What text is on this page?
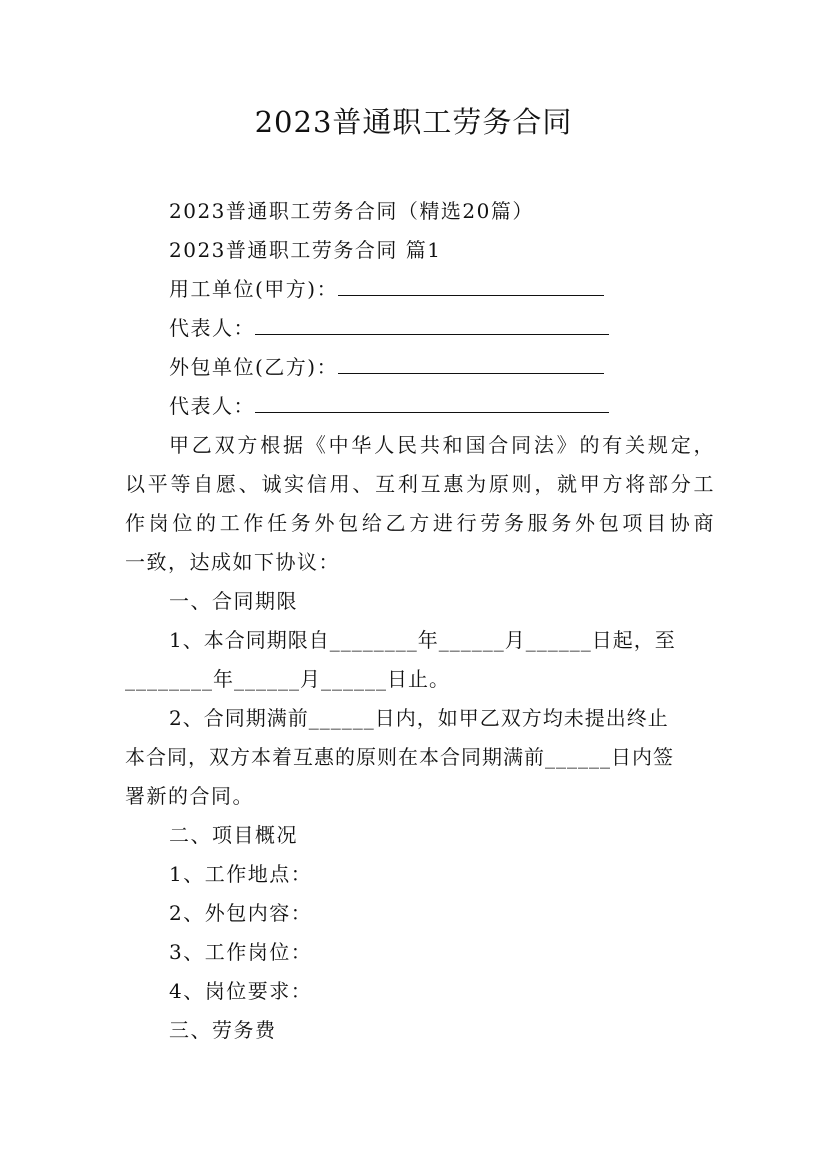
2023普通职工劳务合同
2023普通职工劳务合同（精选20篇）
2023普通职工劳务合同 篇1
用工单位(甲方)：
代表人：
外包单位(乙方)：
代表人：
甲乙双方根据《中华人民共和国合同法》的有关规定，
以平等自愿、诚实信用、互利互惠为原则，就甲方将部分工
作岗位的工作任务外包给乙方进行劳务服务外包项目协商
一致，达成如下协议：
一、合同期限
1、本合同期限自________年______月______日起，至
________年______月______日止。
2、合同期满前______日内，如甲乙双方均未提出终止
本合同，双方本着互惠的原则在本合同期满前______日内签
署新的合同。
二、项目概况
1、工作地点：
2、外包内容：
3、工作岗位：
4、岗位要求：
三、劳务费
